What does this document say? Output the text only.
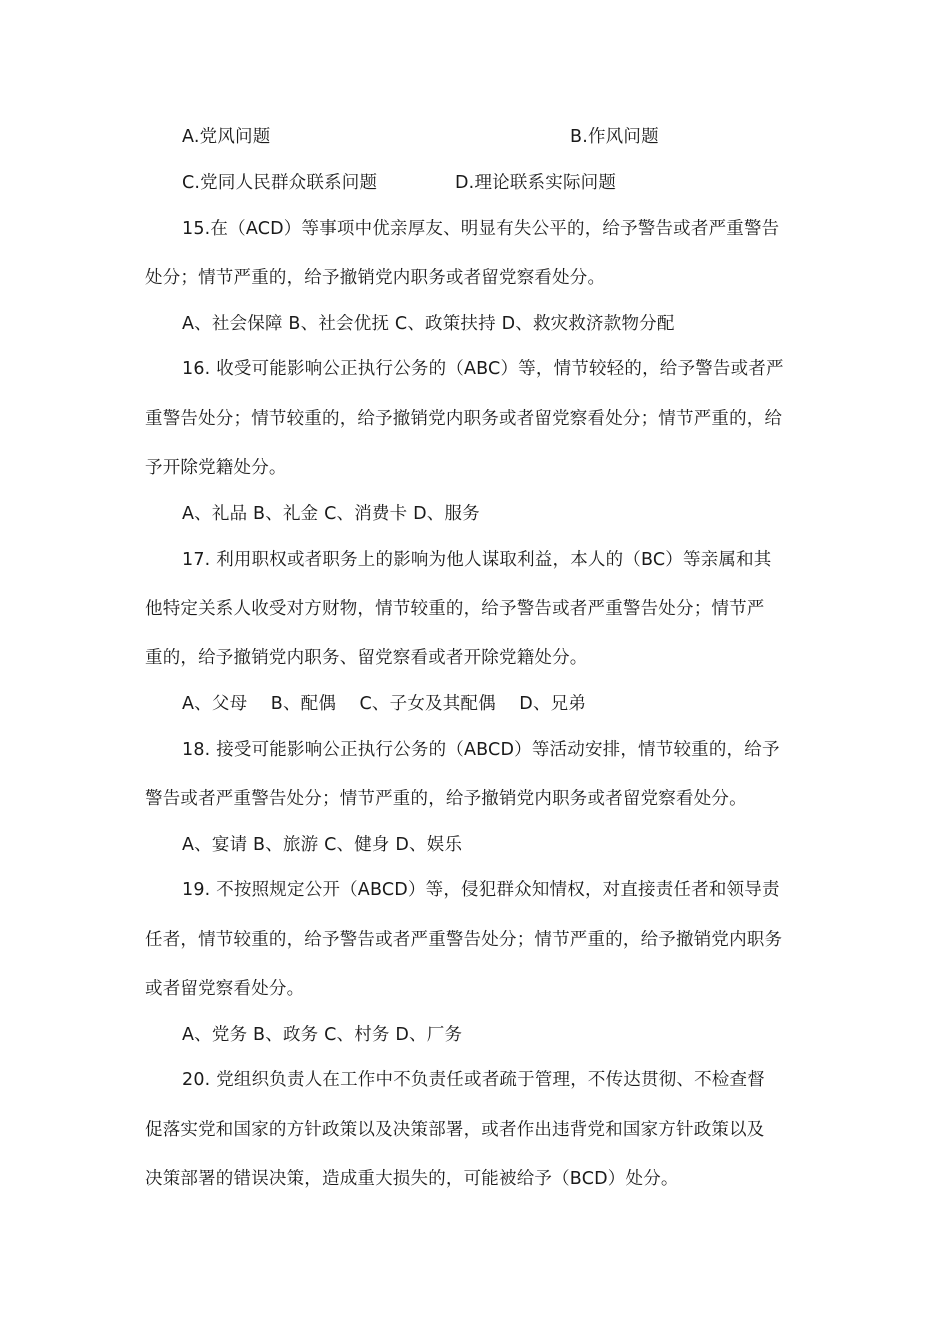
A.党风问题	B.作风问题
C.党同人民群众联系问题	D.理论联系实际问题
15.在（ACD）等事项中优亲厚友、明显有失公平的，给予警告或者严重警告
处分；情节严重的，给予撤销党内职务或者留党察看处分。
A、社会保障 B、社会优抚 C、政策扶持 D、救灾救济款物分配
16. 收受可能影响公正执行公务的（ABC）等，情节较轻的，给予警告或者严
重警告处分；情节较重的，给予撤销党内职务或者留党察看处分；情节严重的，给
予开除党籍处分。
A、礼品 B、礼金 C、消费卡 D、服务
17. 利用职权或者职务上的影响为他人谋取利益，本人的（BC）等亲属和其
他特定关系人收受对方财物，情节较重的，给予警告或者严重警告处分；情节严
重的，给予撤销党内职务、留党察看或者开除党籍处分。
A、父母　 B、配偶　 C、子女及其配偶　 D、兄弟
18. 接受可能影响公正执行公务的（ABCD）等活动安排，情节较重的，给予
警告或者严重警告处分；情节严重的，给予撤销党内职务或者留党察看处分。
A、宴请 B、旅游 C、健身 D、娱乐
19. 不按照规定公开（ABCD）等，侵犯群众知情权，对直接责任者和领导责
任者，情节较重的，给予警告或者严重警告处分；情节严重的，给予撤销党内职务
或者留党察看处分。
A、党务 B、政务 C、村务 D、厂务
20. 党组织负责人在工作中不负责任或者疏于管理，不传达贯彻、不检查督
促落实党和国家的方针政策以及决策部署，或者作出违背党和国家方针政策以及
决策部署的错误决策，造成重大损失的，可能被给予（BCD）处分。
